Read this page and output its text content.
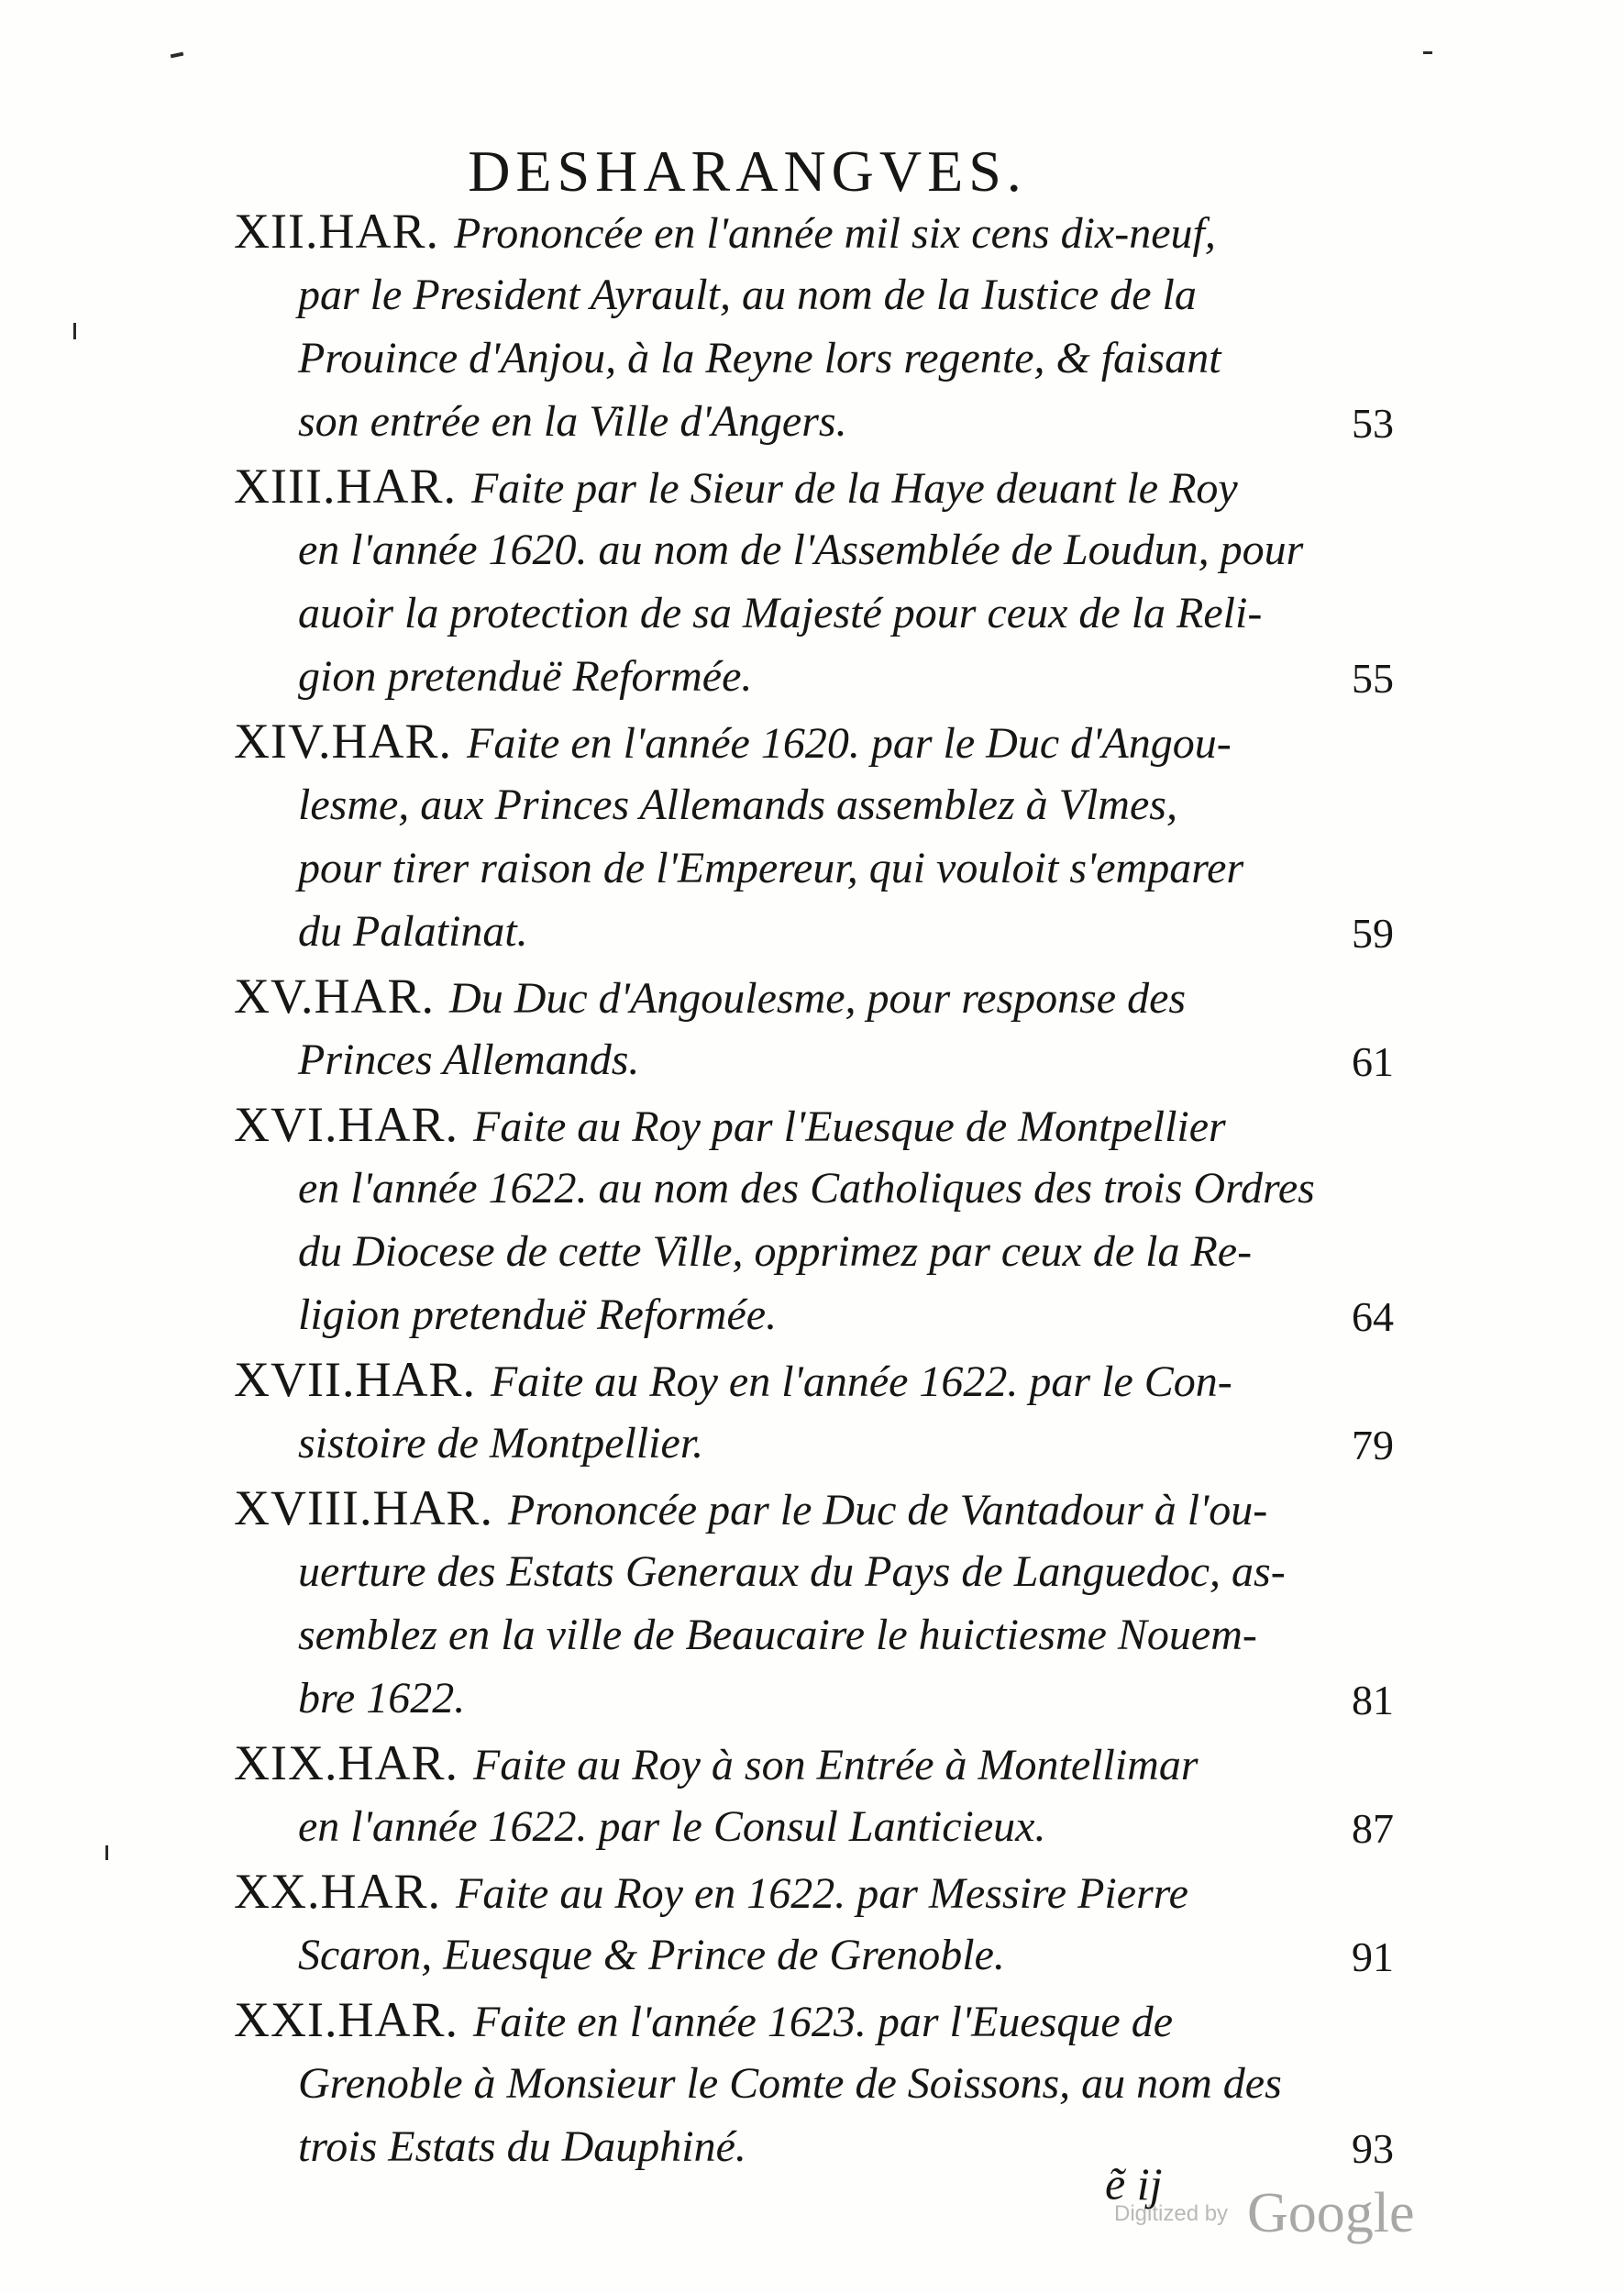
DESHARANGVES.
XII.HAR. Prononcée en l'année mil six cens dix-neuf,
par le President Ayrault, au nom de la Iustice de la
Prouince d'Anjou, à la Reyne lors regente, & faisant
son entrée en la Ville d'Angers.	53
XIII.HAR. Faite par le Sieur de la Haye deuant le Roy
en l'année 1620. au nom de l'Assemblée de Loudun, pour
auoir la protection de sa Majesté pour ceux de la Reli-
gion pretenduë Reformée.	55
XIV.HAR. Faite en l'année 1620. par le Duc d'Angou-
lesme, aux Princes Allemands assemblez à Vlmes,
pour tirer raison de l'Empereur, qui vouloit s'emparer
du Palatinat.	59
XV.HAR. Du Duc d'Angoulesme, pour response des
Princes Allemands.	61
XVI.HAR. Faite au Roy par l'Euesque de Montpellier
en l'année 1622. au nom des Catholiques des trois Ordres
du Diocese de cette Ville, opprimez par ceux de la Re-
ligion pretenduë Reformée.	64
XVII.HAR. Faite au Roy en l'année 1622. par le Con-
sistoire de Montpellier.	79
XVIII.HAR. Prononcée par le Duc de Vantadour à l'ou-
uerture des Estats Generaux du Pays de Languedoc, as-
semblez en la ville de Beaucaire le huictiesme Nouem-
bre 1622.	81
XIX.HAR. Faite au Roy à son Entrée à Montellimar
en l'année 1622. par le Consul Lanticieux.	87
XX.HAR. Faite au Roy en 1622. par Messire Pierre
Scaron, Euesque & Prince de Grenoble.	91
XXI.HAR. Faite en l'année 1623. par l'Euesque de
Grenoble à Monsieur le Comte de Soissons, au nom des
trois Estats du Dauphiné.	93
ẽ ij
Digitized by Google
